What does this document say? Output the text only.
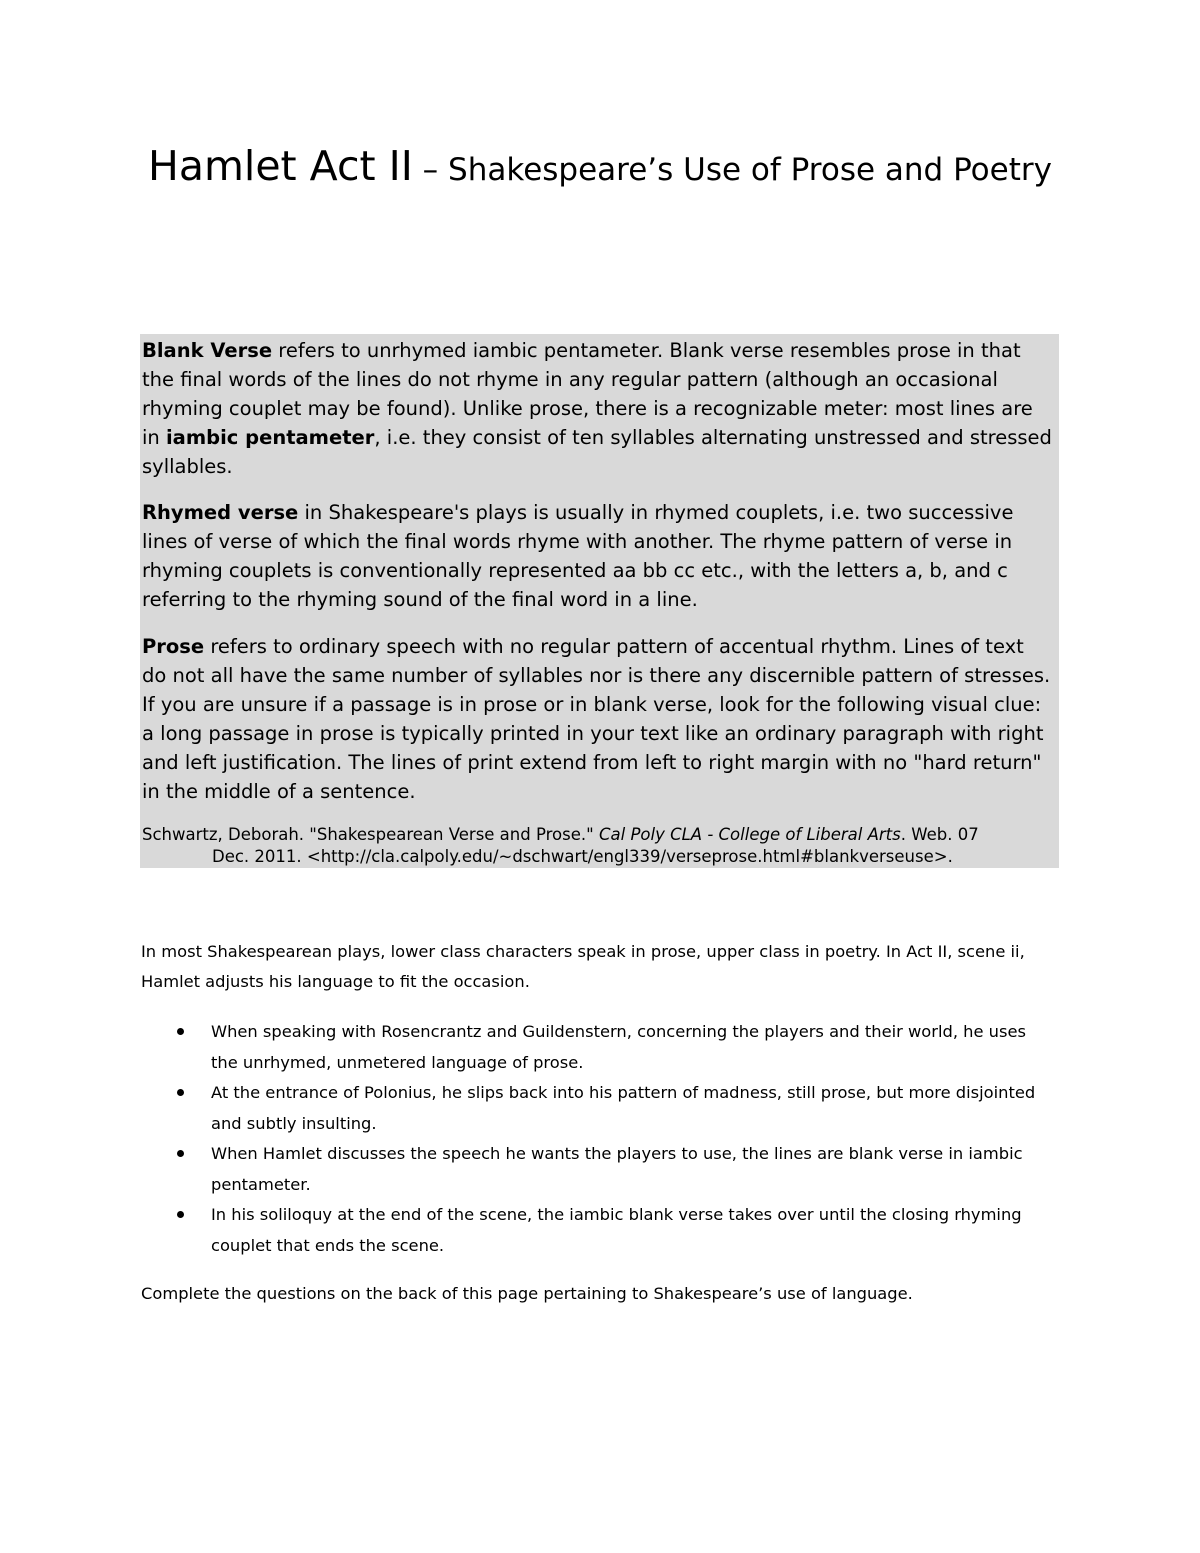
Hamlet Act II – Shakespeare’s Use of Prose and Poetry

Blank Verse refers to unrhymed iambic pentameter. Blank verse resembles prose in that the final words of the lines do not rhyme in any regular pattern (although an occasional rhyming couplet may be found). Unlike prose, there is a recognizable meter: most lines are in iambic pentameter, i.e. they consist of ten syllables alternating unstressed and stressed syllables.

Rhymed verse in Shakespeare's plays is usually in rhymed couplets, i.e. two successive lines of verse of which the final words rhyme with another. The rhyme pattern of verse in rhyming couplets is conventionally represented aa bb cc etc., with the letters a, b, and c referring to the rhyming sound of the final word in a line.

Prose refers to ordinary speech with no regular pattern of accentual rhythm. Lines of text do not all have the same number of syllables nor is there any discernible pattern of stresses. If you are unsure if a passage is in prose or in blank verse, look for the following visual clue: a long passage in prose is typically printed in your text like an ordinary paragraph with right and left justification. The lines of print extend from left to right margin with no "hard return" in the middle of a sentence.

Schwartz, Deborah. "Shakespearean Verse and Prose." Cal Poly CLA - College of Liberal Arts. Web. 07
Dec. 2011. <http://cla.calpoly.edu/~dschwart/engl339/verseprose.html#blankverseuse>.

In most Shakespearean plays, lower class characters speak in prose, upper class in poetry. In Act II, scene ii, Hamlet adjusts his language to fit the occasion.

When speaking with Rosencrantz and Guildenstern, concerning the players and their world, he uses the unrhymed, unmetered language of prose.
At the entrance of Polonius, he slips back into his pattern of madness, still prose, but more disjointed and subtly insulting.
When Hamlet discusses the speech he wants the players to use, the lines are blank verse in iambic pentameter.
In his soliloquy at the end of the scene, the iambic blank verse takes over until the closing rhyming couplet that ends the scene.

Complete the questions on the back of this page pertaining to Shakespeare’s use of language.
